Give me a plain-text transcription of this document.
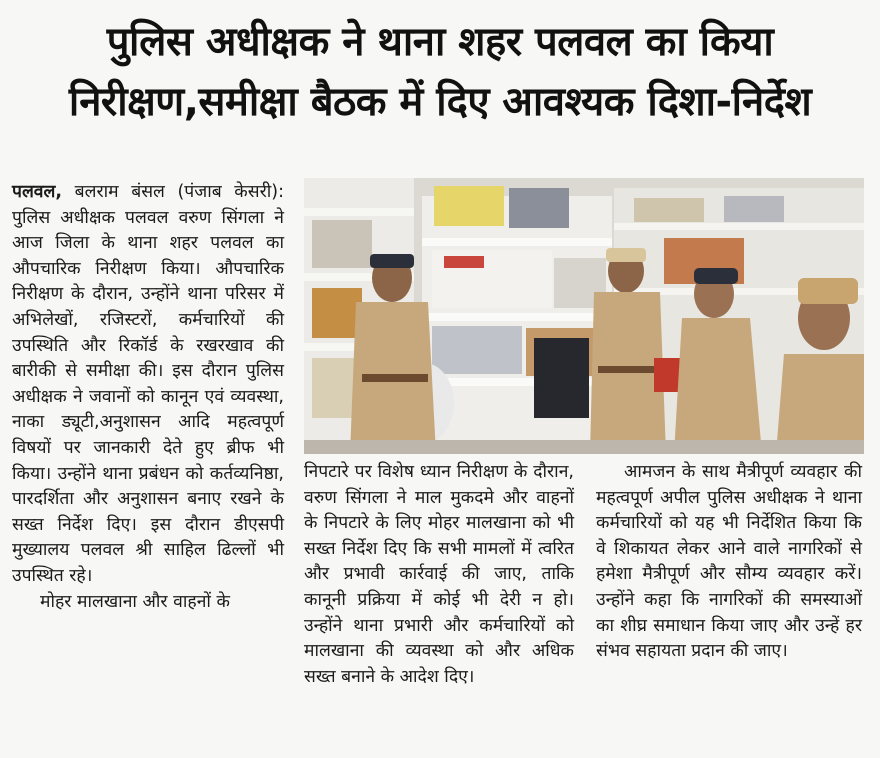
पुलिस अधीक्षक ने थाना शहर पलवल का किया
निरीक्षण,समीक्षा बैठक में दिए आवश्यक दिशा-निर्देश

पलवल, बलराम बंसल (पंजाब केसरी): पुलिस अधीक्षक पलवल वरुण सिंगला ने आज जिला के थाना शहर पलवल का औपचारिक निरीक्षण किया। औपचारिक निरीक्षण के दौरान, उन्होंने थाना परिसर में अभिलेखों, रजिस्टरों, कर्मचारियों की उपस्थिति और रिकॉर्ड के रखरखाव की बारीकी से समीक्षा की। इस दौरान पुलिस अधीक्षक ने जवानों को कानून एवं व्यवस्था, नाका ड्यूटी,अनुशासन आदि महत्वपूर्ण विषयों पर जानकारी देते हुए ब्रीफ भी किया। उन्होंने थाना प्रबंधन को कर्तव्यनिष्ठा, पारदर्शिता और अनुशासन बनाए रखने के सख्त निर्देश दिए। इस दौरान डीएसपी मुख्यालय पलवल श्री साहिल ढिल्लों भी उपस्थित रहे।

मोहर मालखाना और वाहनों के

निपटारे पर विशेष ध्यान निरीक्षण के दौरान, वरुण सिंगला ने माल मुकदमे और वाहनों के निपटारे के लिए मोहर मालखाना को भी सख्त निर्देश दिए कि सभी मामलों में त्वरित और प्रभावी कार्रवाई की जाए, ताकि कानूनी प्रक्रिया में कोई भी देरी न हो। उन्होंने थाना प्रभारी और कर्मचारियों को मालखाना की व्यवस्था को और अधिक सख्त बनाने के आदेश दिए।

आमजन के साथ मैत्रीपूर्ण व्यवहार की महत्वपूर्ण अपील पुलिस अधीक्षक ने थाना कर्मचारियों को यह भी निर्देशित किया कि वे शिकायत लेकर आने वाले नागरिकों से हमेशा मैत्रीपूर्ण और सौम्य व्यवहार करें। उन्होंने कहा कि नागरिकों की समस्याओं का शीघ्र समाधान किया जाए और उन्हें हर संभव सहायता प्रदान की जाए।
